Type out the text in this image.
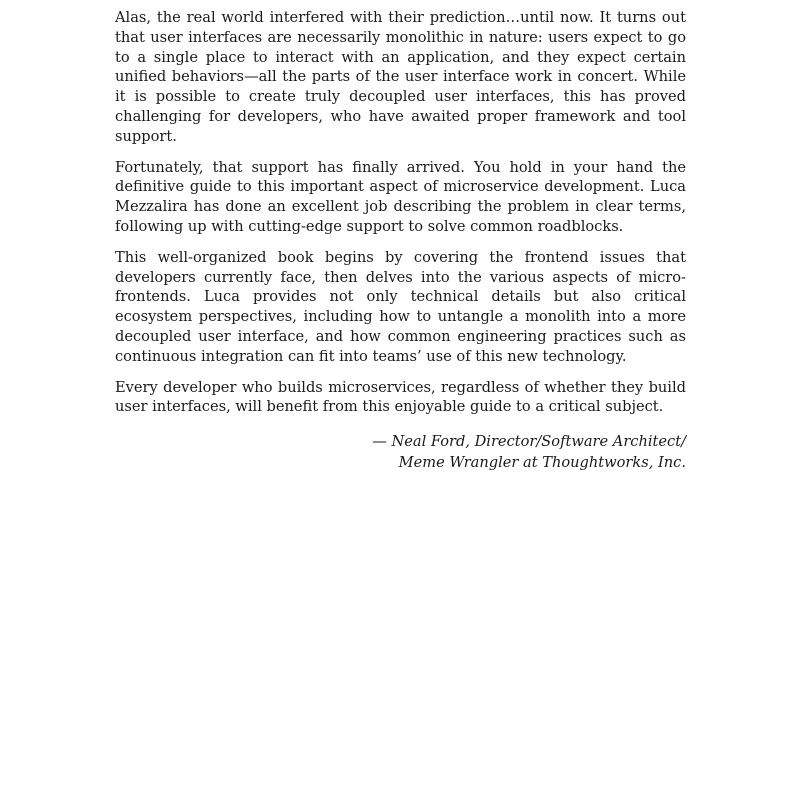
Alas, the real world interfered with their prediction…until now. It turns out that user interfaces are necessarily monolithic in nature: users expect to go to a single place to interact with an application, and they expect certain unified behaviors—all the parts of the user interface work in concert. While it is possible to create truly decoupled user interfaces, this has proved challenging for developers, who have awaited proper framework and tool support.

Fortunately, that support has finally arrived. You hold in your hand the definitive guide to this important aspect of microservice development. Luca Mezzalira has done an excellent job describing the problem in clear terms, following up with cutting-edge support to solve common roadblocks.

This well-organized book begins by covering the frontend issues that developers currently face, then delves into the various aspects of micro-frontends. Luca provides not only technical details but also critical ecosystem perspectives, including how to untangle a monolith into a more decoupled user interface, and how common engineering practices such as continuous integration can fit into teams’ use of this new technology.

Every developer who builds microservices, regardless of whether they build user interfaces, will benefit from this enjoyable guide to a critical subject.

— Neal Ford, Director/Software Architect/
Meme Wrangler at Thoughtworks, Inc.
